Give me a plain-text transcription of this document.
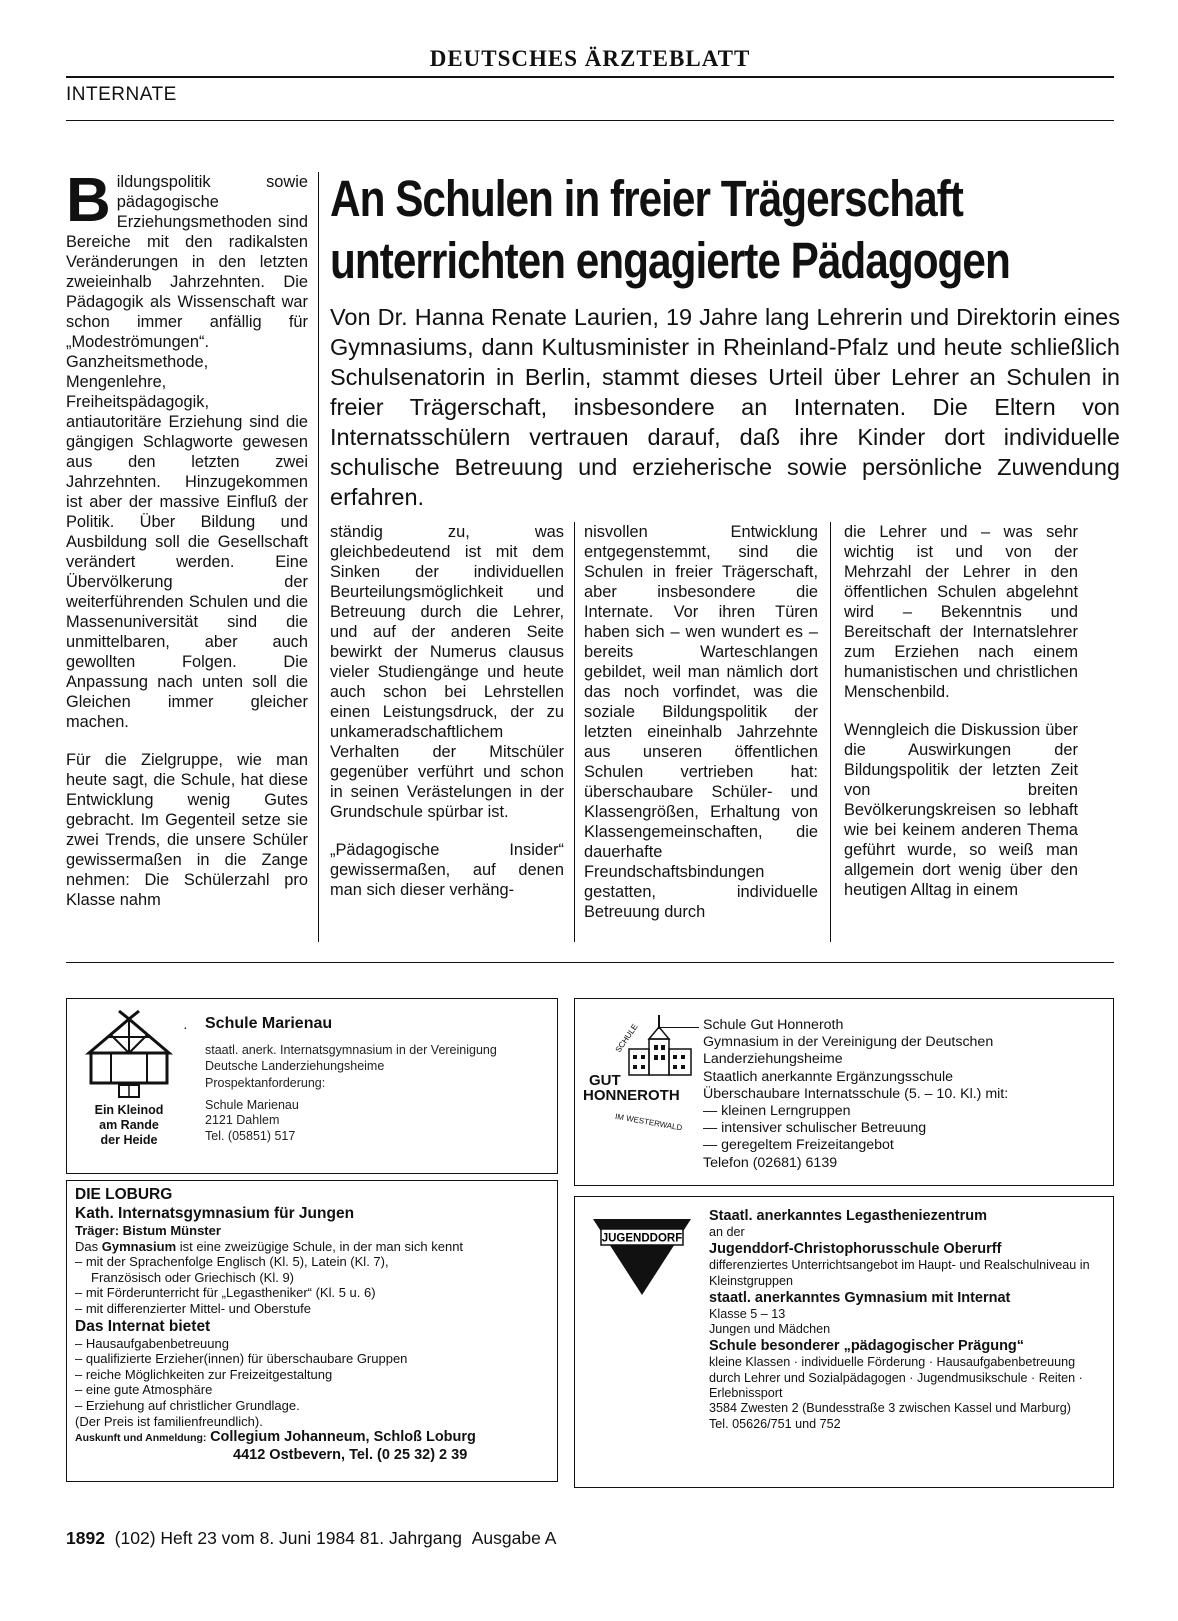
DEUTSCHES ÄRZTEBLATT
INTERNATE

Bildungspolitik sowie pädagogische Erziehungsmethoden sind Bereiche mit den radikalsten Veränderungen in den letzten zweieinhalb Jahrzehnten. Die Pädagogik als Wissenschaft war schon immer anfällig für „Modeströmungen“. Ganzheitsmethode, Mengenlehre, Freiheitspädagogik, antiautoritäre Erziehung sind die gängigen Schlagworte gewesen aus den letzten zwei Jahrzehnten. Hinzugekommen ist aber der massive Einfluß der Politik. Über Bildung und Ausbildung soll die Gesellschaft verändert werden. Eine Übervölkerung der weiterführenden Schulen und die Massenuniversität sind die unmittelbaren, aber auch gewollten Folgen. Die Anpassung nach unten soll die Gleichen immer gleicher machen.

Für die Zielgruppe, wie man heute sagt, die Schule, hat diese Entwicklung wenig Gutes gebracht. Im Gegenteil setze sie zwei Trends, die unsere Schüler gewissermaßen in die Zange nehmen: Die Schülerzahl pro Klasse nahm

An Schulen in freier Trägerschaft
unterrichten engagierte Pädagogen
Von Dr. Hanna Renate Laurien, 19 Jahre lang Lehrerin und Direktorin eines Gymnasiums, dann Kultusminister in Rheinland-Pfalz und heute schließlich Schulsenatorin in Berlin, stammt dieses Urteil über Lehrer an Schulen in freier Trägerschaft, insbesondere an Internaten. Die Eltern von Internatsschülern vertrauen darauf, daß ihre Kinder dort individuelle schulische Betreuung und erzieherische sowie persönliche Zuwendung erfahren.

ständig zu, was gleichbedeutend ist mit dem Sinken der individuellen Beurteilungsmöglichkeit und Betreuung durch die Lehrer, und auf der anderen Seite bewirkt der Numerus clausus vieler Studiengänge und heute auch schon bei Lehrstellen einen Leistungsdruck, der zu unkameradschaftlichem Verhalten der Mitschüler gegenüber verführt und schon in seinen Verästelungen in der Grundschule spürbar ist.

„Pädagogische Insider“ gewissermaßen, auf denen man sich dieser verhäng-

nisvollen Entwicklung entgegenstemmt, sind die Schulen in freier Trägerschaft, aber insbesondere die Internate. Vor ihren Türen haben sich – wen wundert es – bereits Warteschlangen gebildet, weil man nämlich dort das noch vorfindet, was die soziale Bildungspolitik der letzten eineinhalb Jahrzehnte aus unseren öffentlichen Schulen vertrieben hat: überschaubare Schüler- und Klassengrößen, Erhaltung von Klassengemeinschaften, die dauerhafte Freundschaftsbindungen gestatten, individuelle Betreuung durch

die Lehrer und – was sehr wichtig ist und von der Mehrzahl der Lehrer in den öffentlichen Schulen abgelehnt wird – Bekenntnis und Bereitschaft der Internatslehrer zum Erziehen nach einem humanistischen und christlichen Menschenbild.

Wenngleich die Diskussion über die Auswirkungen der Bildungspolitik der letzten Zeit von breiten Bevölkerungskreisen so lebhaft wie bei keinem anderen Thema geführt wurde, so weiß man allgemein dort wenig über den heutigen Alltag in einem

· Schule Marienau
staatl. anerk. Internatsgymnasium in der Vereinigung Deutsche Landerziehungsheime
Prospektanforderung:
Schule Marienau
2121 Dahlem
Tel. (05851) 517
Ein Kleinod
am Rande
der Heide
SCHULE
GUT
HONNEROTH
IM WESTERWALD
Schule Gut Honneroth
Gymnasium in der Vereinigung der Deutschen Landerziehungsheime
Staatlich anerkannte Ergänzungsschule
Überschaubare Internatsschule (5. – 10. Kl.) mit:
— kleinen Lerngruppen
— intensiver schulischer Betreuung
— geregeltem Freizeitangebot
Telefon (02681) 6139
DIE LOBURG
Kath. Internatsgymnasium für Jungen
Träger: Bistum Münster
Das Gymnasium ist eine zweizügige Schule, in der man sich kennt
– mit der Sprachenfolge Englisch (Kl. 5), Latein (Kl. 7),
Französisch oder Griechisch (Kl. 9)
– mit Förderunterricht für „Legastheniker“ (Kl. 5 u. 6)
– mit differenzierter Mittel- und Oberstufe
Das Internat bietet
– Hausaufgabenbetreuung
– qualifizierte Erzieher(innen) für überschaubare Gruppen
– reiche Möglichkeiten zur Freizeitgestaltung
– eine gute Atmosphäre
– Erziehung auf christlicher Grundlage.
(Der Preis ist familienfreundlich).
Auskunft und Anmeldung: Collegium Johanneum, Schloß Loburg
4412 Ostbevern, Tel. (0 25 32) 2 39
JUGENDDORF
Staatl. anerkanntes Legastheniezentrum
an der
Jugenddorf-Christophorusschule Oberurff
differenziertes Unterrichtsangebot im Haupt- und Realschulniveau in Kleinstgruppen
staatl. anerkanntes Gymnasium mit Internat
Klasse 5 – 13
Jungen und Mädchen
Schule besonderer „pädagogischer Prägung“
kleine Klassen · individuelle Förderung · Hausaufgabenbetreuung durch Lehrer und Sozialpädagogen · Jugendmusikschule · Reiten · Erlebnissport
3584 Zwesten 2 (Bundesstraße 3 zwischen Kassel und Marburg)
Tel. 05626/751 und 752
1892 (102) Heft 23 vom 8. Juni 1984 81. Jahrgang Ausgabe A
